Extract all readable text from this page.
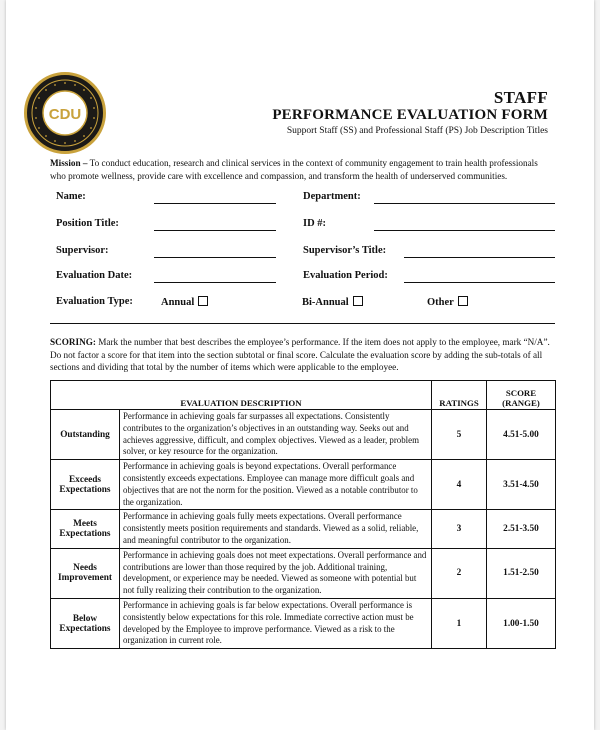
CDU
STAFF
PERFORMANCE EVALUATION FORM
Support Staff (SS) and Professional Staff (PS) Job Description Titles
Mission – To conduct education, research and clinical services in the context of community engagement to train health professionals who promote wellness, provide care with excellence and compassion, and transform the health of underserved communities.
Name:	Department:
Position Title:	ID #:
Supervisor:	Supervisor’s Title:
Evaluation Date:	Evaluation Period:
Evaluation Type:	Annual	Bi-Annual	Other
SCORING: Mark the number that best describes the employee’s performance. If the item does not apply to the employee, mark “N/A”. Do not factor a score for that item into the section subtotal or final score. Calculate the evaluation score by adding the sub-totals of all sections and dividing that total by the number of items which were applicable to the employee.
EVALUATION DESCRIPTION		RATINGS	SCORE
(RANGE)
Outstanding	Performance in achieving goals far surpasses all expectations. Consistently contributes to the organization’s objectives in an outstanding way. Seeks out and achieves aggressive, difficult, and complex objectives. Viewed as a leader, problem solver, or key resource for the organization.	5	4.51-5.00
Exceeds
Expectations	Performance in achieving goals is beyond expectations. Overall performance consistently exceeds expectations. Employee can manage more difficult goals and objectives that are not the norm for the position. Viewed as a notable contributor to the organization.	4	3.51-4.50
Meets
Expectations	Performance in achieving goals fully meets expectations. Overall performance consistently meets position requirements and standards. Viewed as a solid, reliable, and meaningful contributor to the organization.	3	2.51-3.50
Needs
Improvement	Performance in achieving goals does not meet expectations. Overall performance and contributions are lower than those required by the job. Additional training, development, or experience may be needed. Viewed as someone with potential but not fully realizing their contribution to the organization.	2	1.51-2.50
Below
Expectations	Performance in achieving goals is far below expectations. Overall performance is consistently below expectations for this role. Immediate corrective action must be developed by the Employee to improve performance. Viewed as a risk to the organization in current role.	1	1.00-1.50
